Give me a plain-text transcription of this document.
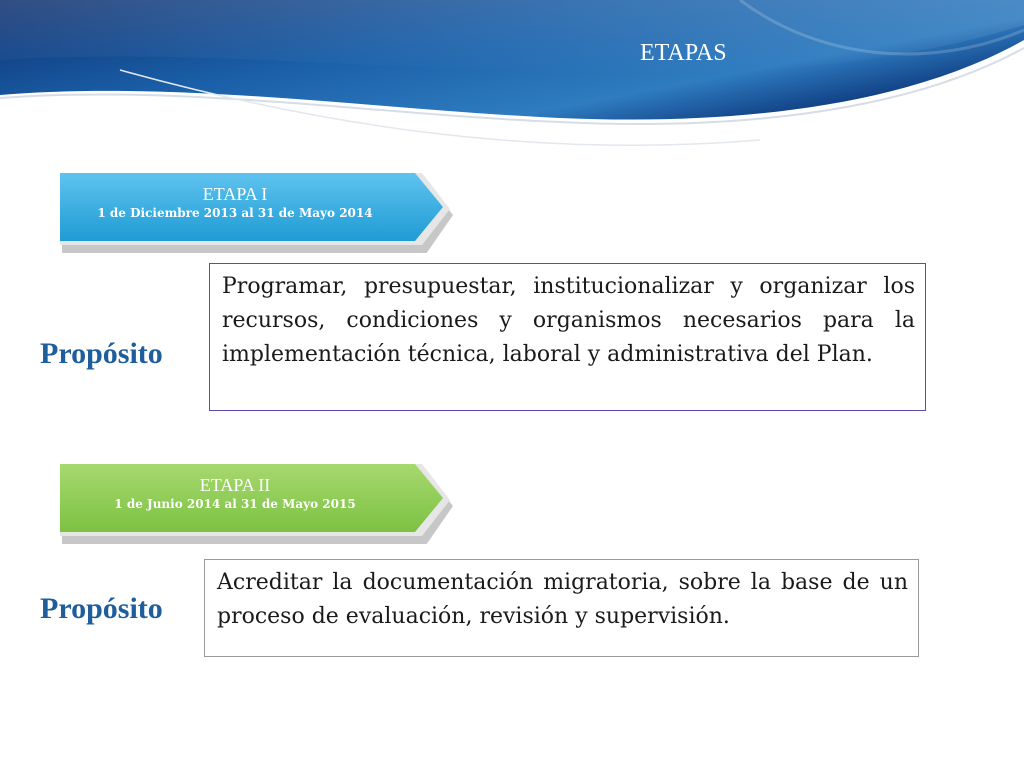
ETAPAS
ETAPA I
1 de Diciembre 2013 al 31 de Mayo 2014
Propósito
Programar, presupuestar, institucionalizar y organizar los recursos, condiciones y organismos necesarios para la implementación técnica, laboral y administrativa del Plan.
ETAPA II
1 de Junio 2014 al 31 de Mayo 2015
Propósito
Acreditar la documentación migratoria, sobre la base de un proceso de evaluación, revisión y supervisión.
